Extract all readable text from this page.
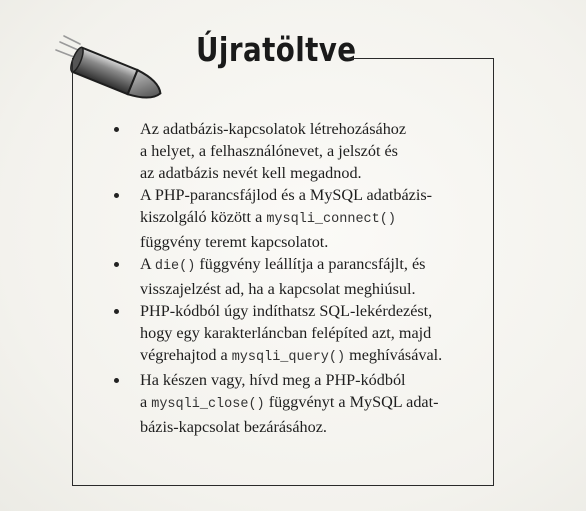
Újratöltve
Az adatbázis-kapcsolatok létrehozásához
a helyet, a felhasználónevet, a jelszót és
az adatbázis nevét kell megadnod.
A PHP-parancsfájlod és a MySQL adatbázis-
kiszolgáló között a mysqli_connect()
függvény teremt kapcsolatot.
A die() függvény leállítja a parancsfájlt, és
visszajelzést ad, ha a kapcsolat meghiúsul.
PHP-kódból úgy indíthatsz SQL-lekérdezést,
hogy egy karakterláncban felépíted azt, majd
végrehajtod a mysqli_query() meghívásával.
Ha készen vagy, hívd meg a PHP-kódból
a mysqli_close() függvényt a MySQL adat-
bázis-kapcsolat bezárásához.
